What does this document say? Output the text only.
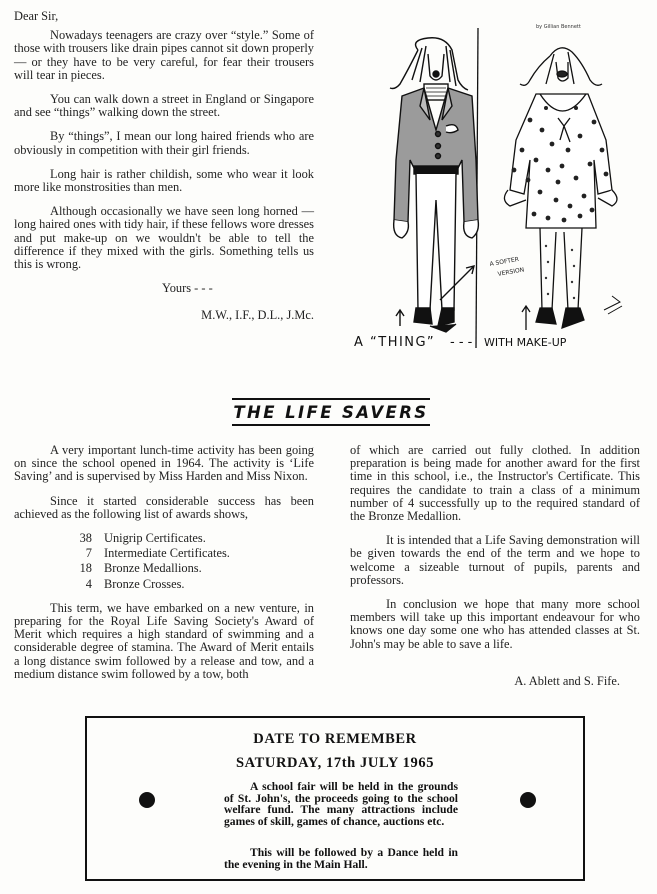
Dear Sir,

Nowadays teenagers are crazy over “style.” Some of those with trousers like drain pipes cannot sit down properly — or they have to be very careful, for fear their trousers will tear in pieces.

You can walk down a street in England or Singapore and see “things” walking down the street.

By “things”, I mean our long haired friends who are obviously in competition with their girl friends.

Long hair is rather childish, some who wear it look more like monstrosities than men.

Although occasionally we have seen long horned — long haired ones with tidy hair, if these fellows wore dresses and put make-up on we wouldn't be able to tell the difference if they mixed with the girls. Something tells us this is wrong.

Yours - - -

M.W., I.F., D.L., J.Mc.

by Gillian Bennett
A SOFTER
VERSION
A “THING” - - - WITH MAKE-UP
THE LIFE SAVERS

A very important lunch-time activity has been going on since the school opened in 1964. The activity is ‘Life Saving’ and is supervised by Miss Harden and Miss Nixon.

Since it started considerable success has been achieved as the following list of awards shows,

38 Unigrip Certificates.
7 Intermediate Certificates.
18 Bronze Medallions.
4 Bronze Crosses.

This term, we have embarked on a new venture, in preparing for the Royal Life Saving Society's Award of Merit which requires a high standard of swimming and a considerable degree of stamina. The Award of Merit entails a long distance swim followed by a release and tow, and a medium distance swim followed by a tow, both

of which are carried out fully clothed. In addition preparation is being made for another award for the first time in this school, i.e., the Instructor's Certificate. This requires the candidate to train a class of a minimum number of 4 successfully up to the required standard of the Bronze Medallion.

It is intended that a Life Saving demonstration will be given towards the end of the term and we hope to welcome a sizeable turnout of pupils, parents and professors.

In conclusion we hope that many more school members will take up this important endeavour for who knows one day some one who has attended classes at St. John's may be able to save a life.

A. Ablett and S. Fife.

DATE TO REMEMBER
SATURDAY, 17th JULY 1965

A school fair will be held in the grounds of St. John's, the proceeds going to the school welfare fund. The many attractions include games of skill, games of chance, auctions etc.

This will be followed by a Dance held in the evening in the Main Hall.
